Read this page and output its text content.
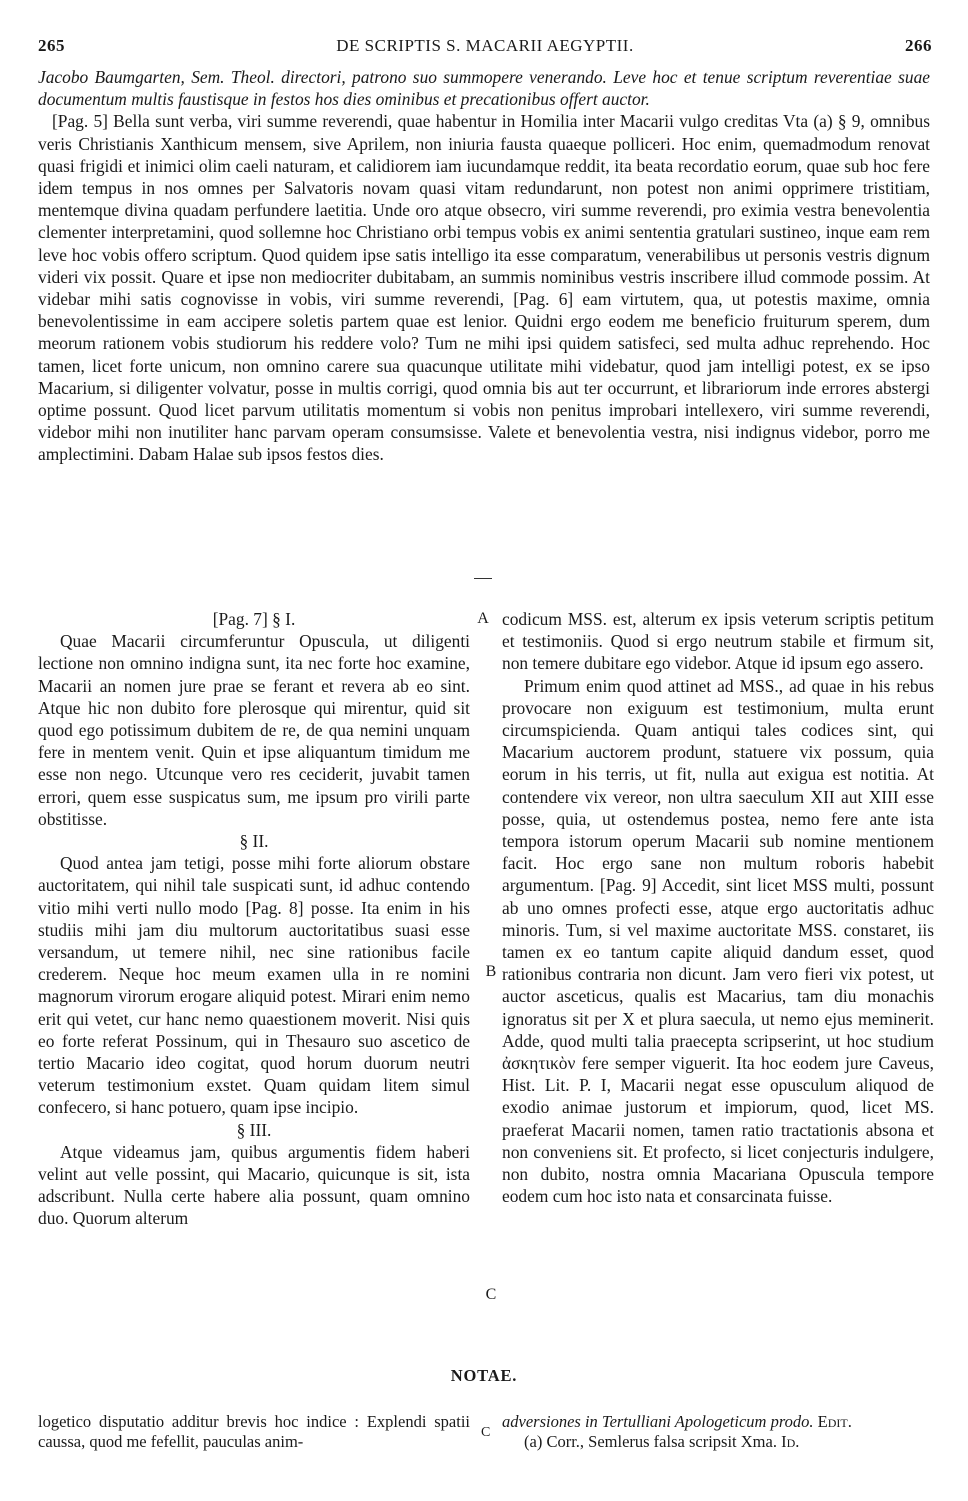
265	DE SCRIPTIS S. MACARII AEGYPTII.	266

Jacobo Baumgarten, Sem. Theol. directori, patrono suo summopere venerando. Leve hoc et tenue scriptum reverentiae suae documentum multis faustisque in festos hos dies ominibus et precationibus offert auctor.

[Pag. 5] Bella sunt verba, viri summe reverendi, quae habentur in Homilia inter Macarii vulgo creditas Vta (a) § 9, omnibus veris Christianis Xanthicum mensem, sive Aprilem, non iniuria fausta quaeque polliceri. Hoc enim, quemadmodum renovat quasi frigidi et inimici olim caeli naturam, et calidiorem iam iucundamque reddit, ita beata recordatio eorum, quae sub hoc fere idem tempus in nos omnes per Salvatoris novam quasi vitam redundarunt, non potest non animi opprimere tristitiam, mentemque divina quadam perfundere laetitia. Unde oro atque obsecro, viri summe reverendi, pro eximia vestra benevolentia clementer interpretamini, quod sollemne hoc Christiano orbi tempus vobis ex animi sententia gratulari sustineo, inque eam rem leve hoc vobis offero scriptum. Quod quidem ipse satis intelligo ita esse comparatum, venerabilibus ut personis vestris dignum videri vix possit. Quare et ipse non mediocriter dubitabam, an summis nominibus vestris inscribere illud commode possim. At videbar mihi satis cognovisse in vobis, viri summe reverendi, [Pag. 6] eam virtutem, qua, ut potestis maxime, omnia benevolentissime in eam accipere soletis partem quae est lenior. Quidni ergo eodem me beneficio fruiturum sperem, dum meorum rationem vobis studiorum his reddere volo? Tum ne mihi ipsi quidem satisfeci, sed multa adhuc reprehendo. Hoc tamen, licet forte unicum, non omnino carere sua quacunque utilitate mihi videbatur, quod jam intelligi potest, ex se ipso Macarium, si diligenter volvatur, posse in multis corrigi, quod omnia bis aut ter occurrunt, et librariorum inde errores abstergi optime possunt. Quod licet parvum utilitatis momentum si vobis non penitus improbari intellexero, viri summe reverendi, videbor mihi non inutiliter hanc parvam operam consumsisse. Valete et benevolentia vestra, nisi indignus videbor, porro me amplectimini. Dabam Halae sub ipsos festos dies.

[Pag. 7] § I.

Quae Macarii circumferuntur Opuscula, ut diligenti lectione non omnino indigna sunt, ita nec forte hoc examine, Macarii an nomen jure prae se ferant et revera ab eo sint. Atque hic non dubito fore plerosque qui mirentur, quid sit quod ego potissimum dubitem de re, de qua nemini unquam fere in mentem venit. Quin et ipse aliquantum timidum me esse non nego. Utcunque vero res ceciderit, juvabit tamen errori, quem esse suspicatus sum, me ipsum pro virili parte obstitisse.

§ II.

Quod antea jam tetigi, posse mihi forte aliorum obstare auctoritatem, qui nihil tale suspicati sunt, id adhuc contendo vitio mihi verti nullo modo [Pag. 8] posse. Ita enim in his studiis mihi jam diu multorum auctoritatibus suasi esse versandum, ut temere nihil, nec sine rationibus facile crederem. Neque hoc meum examen ulla in re nomini magnorum virorum erogare aliquid potest. Mirari enim nemo erit qui vetet, cur hanc nemo quaestionem moverit. Nisi quis eo forte referat Possinum, qui in Thesauro suo ascetico de tertio Macario ideo cogitat, quod horum duorum neutri veterum testimonium exstet. Quam quidam litem simul confecero, si hanc potuero, quam ipse incipio.

§ III.

Atque videamus jam, quibus argumentis fidem haberi velint aut velle possint, qui Macario, quicunque is sit, ista adscribunt. Nulla certe habere alia possunt, quam omnino duo. Quorum alterum

A
B
C

codicum MSS. est, alterum ex ipsis veterum scriptis petitum et testimoniis. Quod si ergo neutrum stabile et firmum sit, non temere dubitare ego videbor. Atque id ipsum ego assero.

Primum enim quod attinet ad MSS., ad quae in his rebus provocare non exiguum est testimonium, multa erunt circumspicienda. Quam antiqui tales codices sint, qui Macarium auctorem produnt, statuere vix possum, quia eorum in his terris, ut fit, nulla aut exigua est notitia. At contendere vix vereor, non ultra saeculum XII aut XIII esse posse, quia, ut ostendemus postea, nemo fere ante ista tempora istorum operum Macarii sub nomine mentionem facit. Hoc ergo sane non multum roboris habebit argumentum. [Pag. 9] Accedit, sint licet MSS multi, possunt ab uno omnes profecti esse, atque ergo auctoritatis adhuc minoris. Tum, si vel maxime auctoritate MSS. constaret, iis tamen ex eo tantum capite aliquid dandum esset, quod rationibus contraria non dicunt. Jam vero fieri vix potest, ut auctor asceticus, qualis est Macarius, tam diu monachis ignoratus sit per X et plura saecula, ut nemo ejus meminerit. Adde, quod multi talia praecepta scripserint, ut hoc studium ἀσκητικὸν fere semper viguerit. Ita hoc eodem jure Caveus, Hist. Lit. P. I, Macarii negat esse opusculum aliquod de exodio animae justorum et impiorum, quod, licet MS. praeferat Macarii nomen, tamen ratio tractationis absona et non conveniens sit. Et profecto, si licet conjecturis indulgere, non dubito, nostra omnia Macariana Opuscula tempore eodem cum hoc isto nata et consarcinata fuisse.

NOTAE.

logetico disputatio additur brevis hoc indice : Explendi spatii caussa, quod me fefellit, pauculas anim-	C

adversiones in Tertulliani Apologeticum prodo. Edit.

(a) Corr., Semlerus falsa scripsit Xma. Id.
